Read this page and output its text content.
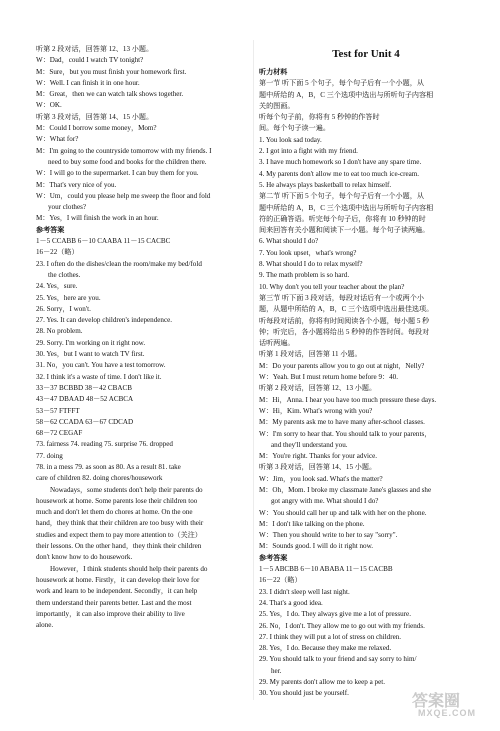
听第 2 段对话，回答第 12、13 小题。
W：Dad，could I watch TV tonight?
M：Sure，but you must finish your homework first.
W：Well. I can finish it in one hour.
M：Great，then we can watch talk shows together.
W：OK.
听第 3 段对话，回答第 14、15 小题。
M：Could I borrow some money，Mom?
W：What for?
M：I'm going to the countryside tomorrow with my friends. I
need to buy some food and books for the children there.
W：I will go to the supermarket. I can buy them for you.
M：That's very nice of you.
W：Um，could you please help me sweep the floor and fold
your clothes?
M：Yes，I will finish the work in an hour.
参考答案
1－5 CCABB 6－10 CAABA 11－15 CACBC
16－22（略）
23. I often do the dishes/clean the room/make my bed/fold
the clothes.
24. Yes，sure.
25. Yes，here are you.
26. Sorry，I won't.
27. Yes. It can develop children's independence.
28. No problem.
29. Sorry. I'm working on it right now.
30. Yes，but I want to watch TV first.
31. No，you can't. You have a test tomorrow.
32. I think it's a waste of time. I don't like it.
33－37 BCBBD 38－42 CBACB
43－47 DBAAD 48－52 ACBCA
53－57 FTFFT
58－62 CCADA 63－67 CDCAD
68－72 CEGAF
73. fairness 74. reading 75. surprise 76. dropped
77. doing
78. in a mess 79. as soon as 80. As a result 81. take
care of children 82. doing chores/housework
Nowadays，some students don't help their parents do
housework at home. Some parents lose their children too
much and don't let them do chores at home. On the one
hand，they think that their children are too busy with their
studies and expect them to pay more attention to（关注）
their lessons. On the other hand，they think their children
don't know how to do housework.
However，I think students should help their parents do
housework at home. Firstly，it can develop their love for
work and learn to be independent. Secondly，it can help
them understand their parents better. Last and the most
importantly，it can also improve their ability to live
alone.
Test for Unit 4
听力材料
第一节 听下面 5 个句子，每个句子后有一个小题，从
题中所给的 A，B，C 三个选项中选出与所听句子内容相
关的图画。
听每个句子前，你将有 5 秒钟的作答时
间。每个句子读一遍。
1. You look sad today.
2. I got into a fight with my friend.
3. I have much homework so I don't have any spare time.
4. My parents don't allow me to eat too much ice-cream.
5. He always plays basketball to relax himself.
第二节 听下面 5 个句子，每个句子后有一个小题，从
题中所给的 A，B，C 三个选项中选出与所听句子内容相
符的正确答语。听完每个句子后，你将有 10 秒钟的时
间来回答有关小题和阅读下一小题。每个句子读两遍。
6. What should I do?
7. You look upset，what's wrong?
8. What should I do to relax myself?
9. The math problem is so hard.
10. Why don't you tell your teacher about the plan?
第三节 听下面 3 段对话，每段对话后有一个或两个小
题，从题中所给的 A，B，C 三个选项中选出最佳选项。
听每段对话前，你将有时间阅读各个小题，每小题 5 秒
钟；听完后，各小题将给出 5 秒钟的作答时间。每段对
话听两遍。
听第 1 段对话，回答第 11 小题。
M：Do your parents allow you to go out at night，Nelly?
W：Yeah. But I must return home before 9：40.
听第 2 段对话，回答第 12、13 小题。
M：Hi，Anna. I hear you have too much pressure these days.
W：Hi，Kim. What's wrong with you?
M：My parents ask me to have many after-school classes.
W：I'm sorry to hear that. You should talk to your parents，
and they'll understand you.
M：You're right. Thanks for your advice.
听第 3 段对话，回答第 14、15 小题。
W：Jim，you look sad. What's the matter?
M：Oh，Mom. I broke my classmate Jane's glasses and she
got angry with me. What should I do?
W：You should call her up and talk with her on the phone.
M：I don't like talking on the phone.
W：Then you should write to her to say "sorry".
M：Sounds good. I will do it right now.
参考答案
1－5 ABCBB 6－10 ABABA 11－15 CACBB
16－22（略）
23. I didn't sleep well last night.
24. That's a good idea.
25. Yes，I do. They always give me a lot of pressure.
26. No，I don't. They allow me to go out with my friends.
27. I think they will put a lot of stress on children.
28. Yes，I do. Because they make me relaxed.
29. You should talk to your friend and say sorry to him/
her.
29. My parents don't allow me to keep a pet.
30. You should just be yourself.	答案圈
MXQE.COM
